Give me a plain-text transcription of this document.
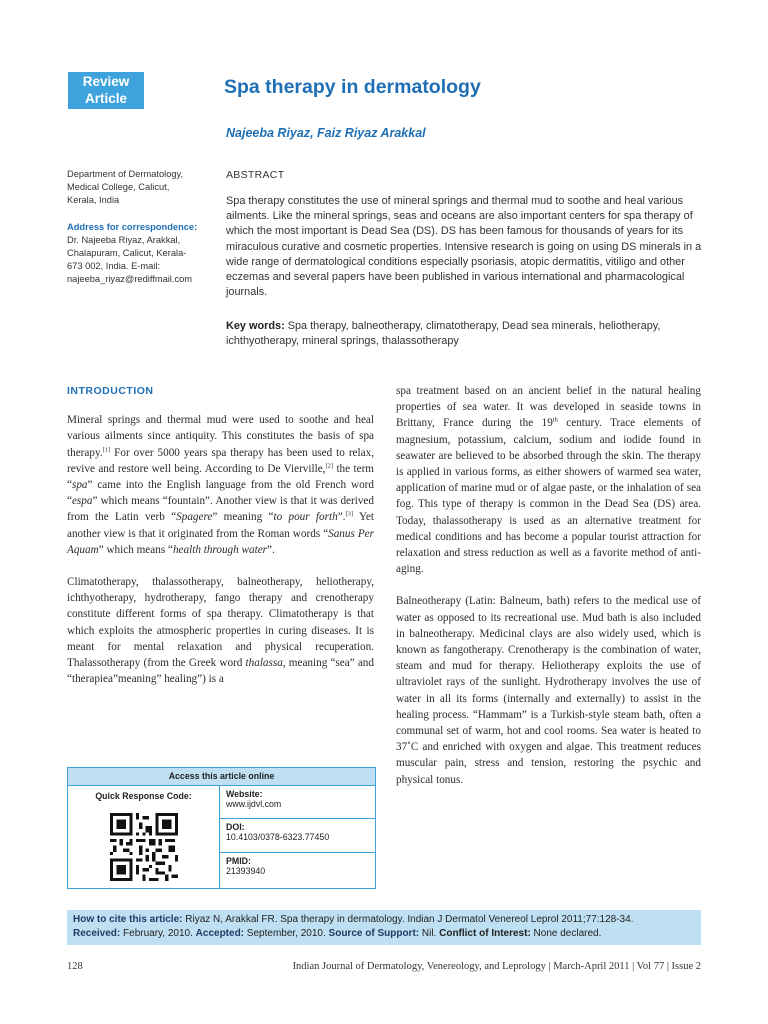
Review
Article
Spa therapy in dermatology
Najeeba Riyaz, Faiz Riyaz Arakkal
Department of Dermatology,
Medical College, Calicut,
Kerala, India
Address for correspondence:
Dr. Najeeba Riyaz, Arakkal,
Chalapuram, Calicut, Kerala-
673 002, India. E-mail:
najeeba_riyaz@rediffmail.com
ABSTRACT

Spa therapy constitutes the use of mineral springs and thermal mud to soothe and heal various ailments. Like the mineral springs, seas and oceans are also important centers for spa therapy of which the most important is Dead Sea (DS). DS has been famous for thousands of years for its miraculous curative and cosmetic properties. Intensive research is going on using DS minerals in a wide range of dermatological conditions especially psoriasis, atopic dermatitis, vitiligo and other eczemas and several papers have been published in various international and pharmacological journals.

Key words: Spa therapy, balneotherapy, climatotherapy, Dead sea minerals, heliotherapy, ichthyotherapy, mineral springs, thalassotherapy

INTRODUCTION

Mineral springs and thermal mud were used to soothe and heal various ailments since antiquity. This constitutes the basis of spa therapy.[1] For over 5000 years spa therapy has been used to relax, revive and restore well being. According to De Vierville,[2] the term “spa” came into the English language from the old French word “espa” which means “fountain”. Another view is that it was derived from the Latin verb “Spagere” meaning “to pour forth”.[3] Yet another view is that it originated from the Roman words “Sanus Per Aquam” which means “health through water”.

Climatotherapy, thalassotherapy, balneotherapy, heliotherapy, ichthyotherapy, hydrotherapy, fango therapy and crenotherapy constitute different forms of spa therapy. Climatotherapy is that which exploits the atmospheric properties in curing diseases. It is meant for mental relaxation and physical recuperation. Thalassotherapy (from the Greek word thalassa, meaning “sea” and “therapiea”meaning” healing”) is a

spa treatment based on an ancient belief in the natural healing properties of sea water. It was developed in seaside towns in Brittany, France during the 19th century. Trace elements of magnesium, potassium, calcium, sodium and iodide found in seawater are believed to be absorbed through the skin. The therapy is applied in various forms, as either showers of warmed sea water, application of marine mud or of algae paste, or the inhalation of sea fog. This type of therapy is common in the Dead Sea (DS) area. Today, thalassotherapy is used as an alternative treatment for medical conditions and has become a popular tourist attraction for relaxation and stress reduction as well as a favorite method of anti-aging.

Balneotherapy (Latin: Balneum, bath) refers to the medical use of water as opposed to its recreational use. Mud bath is also included in balneotherapy. Medicinal clays are also widely used, which is known as fangotherapy. Crenotherapy is the combination of water, steam and mud for therapy. Heliotherapy exploits the use of ultraviolet rays of the sunlight. Hydrotherapy involves the use of water in all its forms (internally and externally) to assist in the healing process. “Hammam” is a Turkish-style steam bath, often a communal set of warm, hot and cool rooms. Sea water is heated to 37˚C and enriched with oxygen and algae. This treatment reduces muscular pain, stress and tension, restoring the psychic and physical tonus.

Access this article online
Quick Response Code:	Website:
www.ijdvl.com
DOI:
10.4103/0378-6323.77450
PMID:
21393940
How to cite this article: Riyaz N, Arakkal FR. Spa therapy in dermatology. Indian J Dermatol Venereol Leprol 2011;77:128-34.
Received: February, 2010. Accepted: September, 2010. Source of Support: Nil. Conflict of Interest: None declared.
128	Indian Journal of Dermatology, Venereology, and Leprology | March-April 2011 | Vol 77 | Issue 2
